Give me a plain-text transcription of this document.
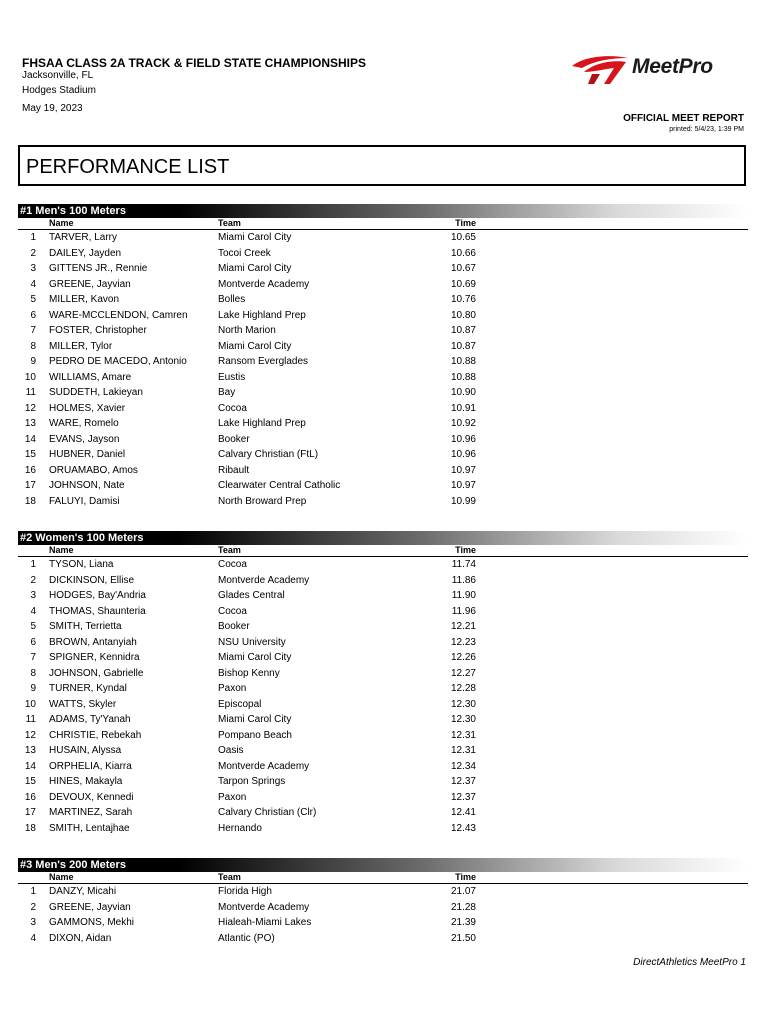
FHSAA CLASS 2A TRACK & FIELD STATE CHAMPIONSHIPS
Jacksonville, FL
Hodges Stadium
May 19, 2023
MeetPro
OFFICIAL MEET REPORT
printed: 5/4/23, 1:39 PM
PERFORMANCE LIST
#1 Men's 100 Meters
Name	Team	Time
1 TARVER, Larry	Miami Carol City	10.65
2 DAILEY, Jayden	Tocoi Creek	10.66
3 GITTENS JR., Rennie	Miami Carol City	10.67
4 GREENE, Jayvian	Montverde Academy	10.69
5 MILLER, Kavon	Bolles	10.76
6 WARE-MCCLENDON, Camren	Lake Highland Prep	10.80
7 FOSTER, Christopher	North Marion	10.87
8 MILLER, Tylor	Miami Carol City	10.87
9 PEDRO DE MACEDO, Antonio	Ransom Everglades	10.88
10 WILLIAMS, Amare	Eustis	10.88
11 SUDDETH, Lakieyan	Bay	10.90
12 HOLMES, Xavier	Cocoa	10.91
13 WARE, Romelo	Lake Highland Prep	10.92
14 EVANS, Jayson	Booker	10.96
15 HUBNER, Daniel	Calvary Christian (FtL)	10.96
16 ORUAMABO, Amos	Ribault	10.97
17 JOHNSON, Nate	Clearwater Central Catholic	10.97
18 FALUYI, Damisi	North Broward Prep	10.99
#2 Women's 100 Meters
Name	Team	Time
1 TYSON, Liana	Cocoa	11.74
2 DICKINSON, Ellise	Montverde Academy	11.86
3 HODGES, Bay'Andria	Glades Central	11.90
4 THOMAS, Shaunteria	Cocoa	11.96
5 SMITH, Terrietta	Booker	12.21
6 BROWN, Antanyiah	NSU University	12.23
7 SPIGNER, Kennidra	Miami Carol City	12.26
8 JOHNSON, Gabrielle	Bishop Kenny	12.27
9 TURNER, Kyndal	Paxon	12.28
10 WATTS, Skyler	Episcopal	12.30
11 ADAMS, Ty'Yanah	Miami Carol City	12.30
12 CHRISTIE, Rebekah	Pompano Beach	12.31
13 HUSAIN, Alyssa	Oasis	12.31
14 ORPHELIA, Kiarra	Montverde Academy	12.34
15 HINES, Makayla	Tarpon Springs	12.37
16 DEVOUX, Kennedi	Paxon	12.37
17 MARTINEZ, Sarah	Calvary Christian (Clr)	12.41
18 SMITH, Lentajhae	Hernando	12.43
#3 Men's 200 Meters
Name	Team	Time
1 DANZY, Micahi	Florida High	21.07
2 GREENE, Jayvian	Montverde Academy	21.28
3 GAMMONS, Mekhi	Hialeah-Miami Lakes	21.39
4 DIXON, Aidan	Atlantic (PO)	21.50
DirectAthletics MeetPro 1
